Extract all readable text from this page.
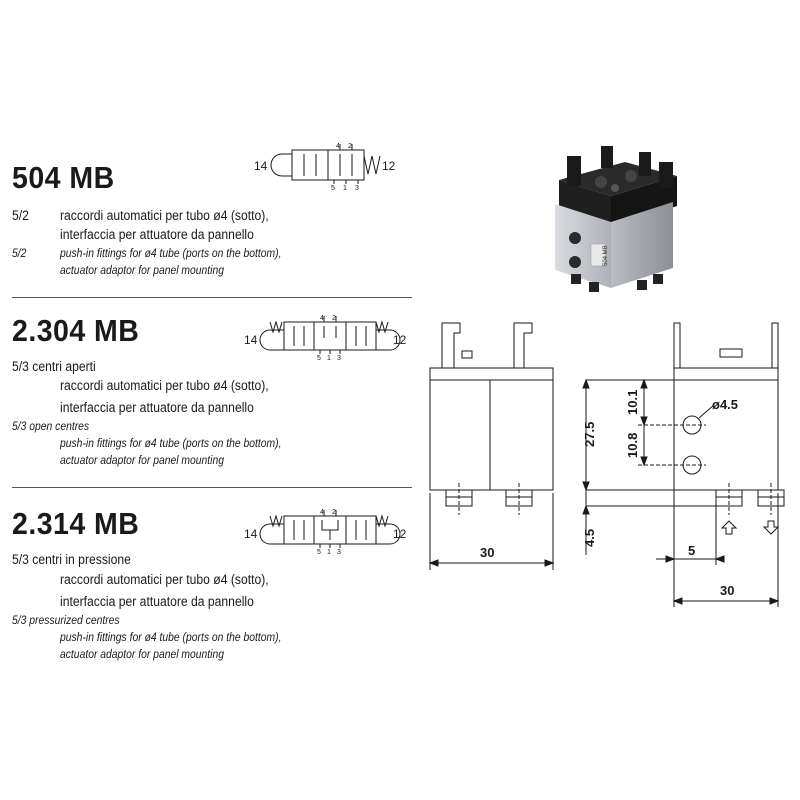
504 MB
5/2 raccordi automatici per tubo ø4 (sotto),
interfaccia per attuatore da pannello
5/2	push-in fittings for ø4 tube (ports on the bottom),
actuator adaptor for panel mounting
14	12
4 2
5 1 3
2.304 MB
5/3 centri aperti
raccordi automatici per tubo ø4 (sotto),
interfaccia per attuatore da pannello
5/3 open centres
push-in fittings for ø4 tube (ports on the bottom),
actuator adaptor for panel mounting
14	12
4 2
5 1 3
2.314 MB
5/3 centri in pressione
raccordi automatici per tubo ø4 (sotto),
interfaccia per attuatore da pannello
5/3 pressurized centres
push-in fittings for ø4 tube (ports on the bottom),
actuator adaptor for panel mounting
14	12
4 2
5 1 3
504 MB
30
30
ø4.5
5
27.5
10.1
10.8
4.5
